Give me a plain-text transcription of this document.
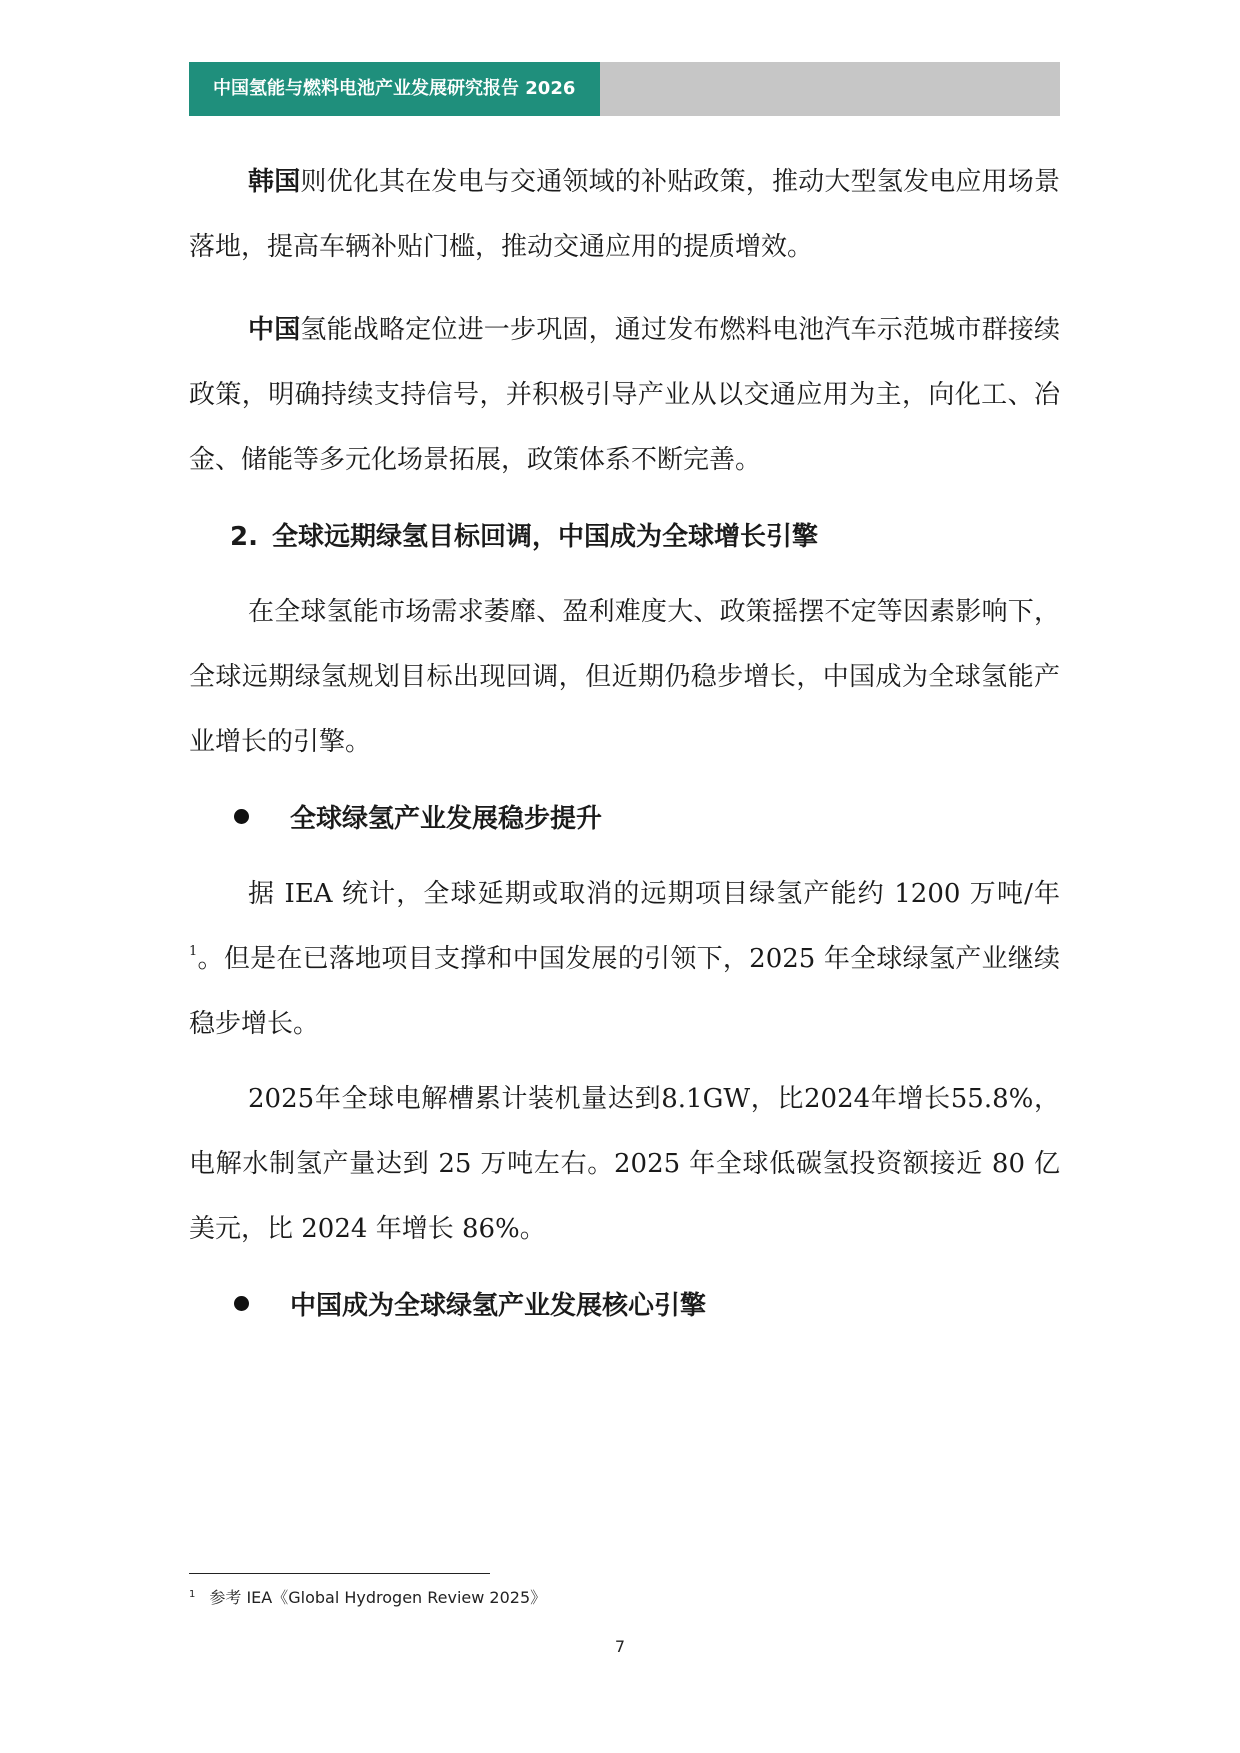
中国氢能与燃料电池产业发展研究报告 2026

韩国则优化其在发电与交通领域的补贴政策，推动大型氢发电应用场景落地，提高车辆补贴门槛，推动交通应用的提质增效。

中国氢能战略定位进一步巩固，通过发布燃料电池汽车示范城市群接续政策，明确持续支持信号，并积极引导产业从以交通应用为主，向化工、冶金、储能等多元化场景拓展，政策体系不断完善。

2. 全球远期绿氢目标回调，中国成为全球增长引擎

在全球氢能市场需求萎靡、盈利难度大、政策摇摆不定等因素影响下，全球远期绿氢规划目标出现回调，但近期仍稳步增长，中国成为全球氢能产业增长的引擎。

全球绿氢产业发展稳步提升

据 IEA 统计，全球延期或取消的远期项目绿氢产能约 1200 万吨/年$^1$。但是在已落地项目支撑和中国发展的引领下，2025 年全球绿氢产业继续稳步增长。

2025年全球电解槽累计装机量达到8.1GW，比2024年增长55.8%，电解水制氢产量达到 25 万吨左右。2025 年全球低碳氢投资额接近 80 亿美元，比 2024 年增长 86%。

中国成为全球绿氢产业发展核心引擎
$^1$ 参考 IEA《Global Hydrogen Review 2025》
7
